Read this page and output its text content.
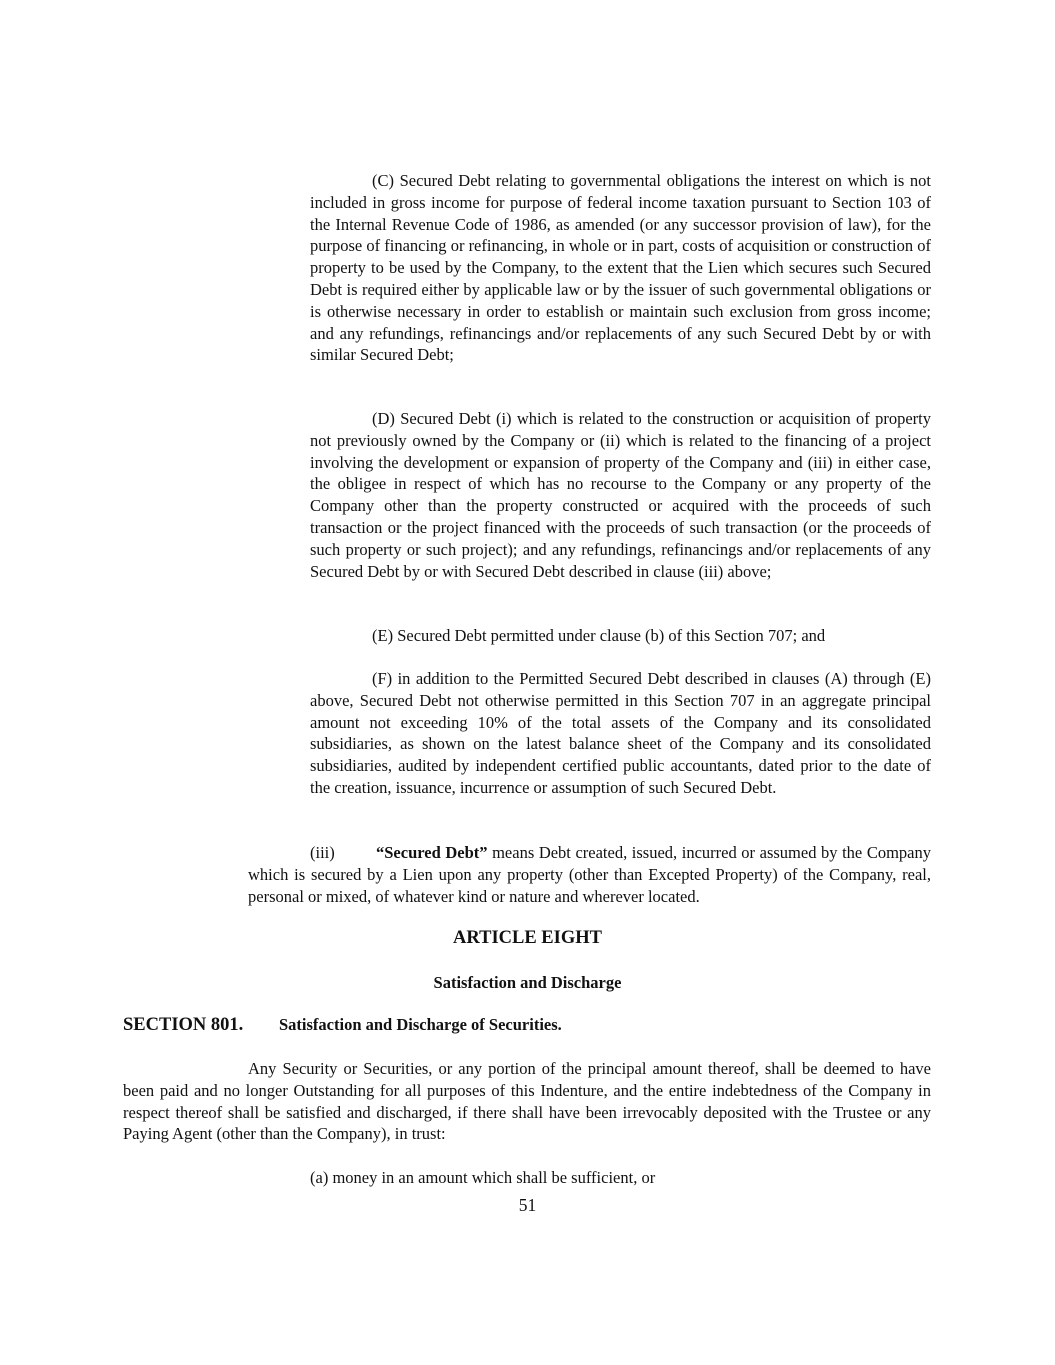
(C) Secured Debt relating to governmental obligations the interest on which is not included in gross income for purpose of federal income taxation pursuant to Section 103 of the Internal Revenue Code of 1986, as amended (or any successor provision of law), for the purpose of financing or refinancing, in whole or in part, costs of acquisition or construction of property to be used by the Company, to the extent that the Lien which secures such Secured Debt is required either by applicable law or by the issuer of such governmental obligations or is otherwise necessary in order to establish or maintain such exclusion from gross income; and any refundings, refinancings and/or replacements of any such Secured Debt by or with similar Secured Debt;

(D) Secured Debt (i) which is related to the construction or acquisition of property not previously owned by the Company or (ii) which is related to the financing of a project involving the development or expansion of property of the Company and (iii) in either case, the obligee in respect of which has no recourse to the Company or any property of the Company other than the property constructed or acquired with the proceeds of such transaction or the project financed with the proceeds of such transaction (or the proceeds of such property or such project); and any refundings, refinancings and/or replacements of any Secured Debt by or with Secured Debt described in clause (iii) above;

(E) Secured Debt permitted under clause (b) of this Section 707; and

(F) in addition to the Permitted Secured Debt described in clauses (A) through (E) above, Secured Debt not otherwise permitted in this Section 707 in an aggregate principal amount not exceeding 10% of the total assets of the Company and its consolidated subsidiaries, as shown on the latest balance sheet of the Company and its consolidated subsidiaries, audited by independent certified public accountants, dated prior to the date of the creation, issuance, incurrence or assumption of such Secured Debt.

(iii)	“Secured Debt” means Debt created, issued, incurred or assumed by the Company which is secured by a Lien upon any property (other than Excepted Property) of the Company, real, personal or mixed, of whatever kind or nature and wherever located.

ARTICLE EIGHT

Satisfaction and Discharge

SECTION 801. Satisfaction and Discharge of Securities.

Any Security or Securities, or any portion of the principal amount thereof, shall be deemed to have been paid and no longer Outstanding for all purposes of this Indenture, and the entire indebtedness of the Company in respect thereof shall be satisfied and discharged, if there shall have been irrevocably deposited with the Trustee or any Paying Agent (other than the Company), in trust:

(a) money in an amount which shall be sufficient, or

51
